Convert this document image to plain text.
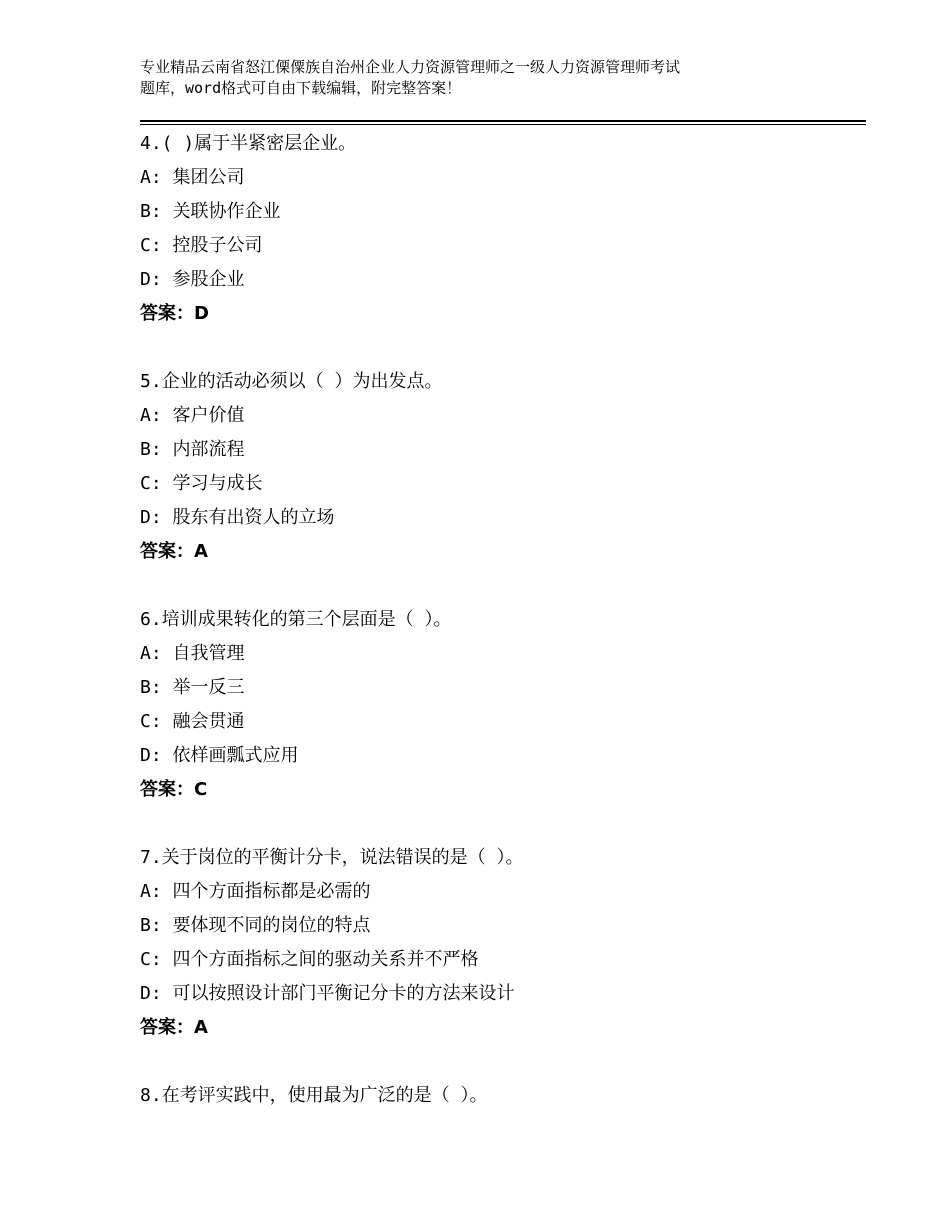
专业精品云南省怒江傈僳族自治州企业人力资源管理师之一级人力资源管理师考试
题库，word格式可自由下载编辑，附完整答案！
4.( )属于半紧密层企业。
A: 集团公司
B: 关联协作企业
C: 控股子公司
D: 参股企业
答案：D
5.企业的活动必须以（ ）为出发点。
A: 客户价值
B: 内部流程
C: 学习与成长
D: 股东有出资人的立场
答案：A
6.培训成果转化的第三个层面是（ ）。
A: 自我管理
B: 举一反三
C: 融会贯通
D: 依样画瓢式应用
答案：C
7.关于岗位的平衡计分卡，说法错误的是（ ）。
A: 四个方面指标都是必需的
B: 要体现不同的岗位的特点
C: 四个方面指标之间的驱动关系并不严格
D: 可以按照设计部门平衡记分卡的方法来设计
答案：A
8.在考评实践中，使用最为广泛的是（ ）。
